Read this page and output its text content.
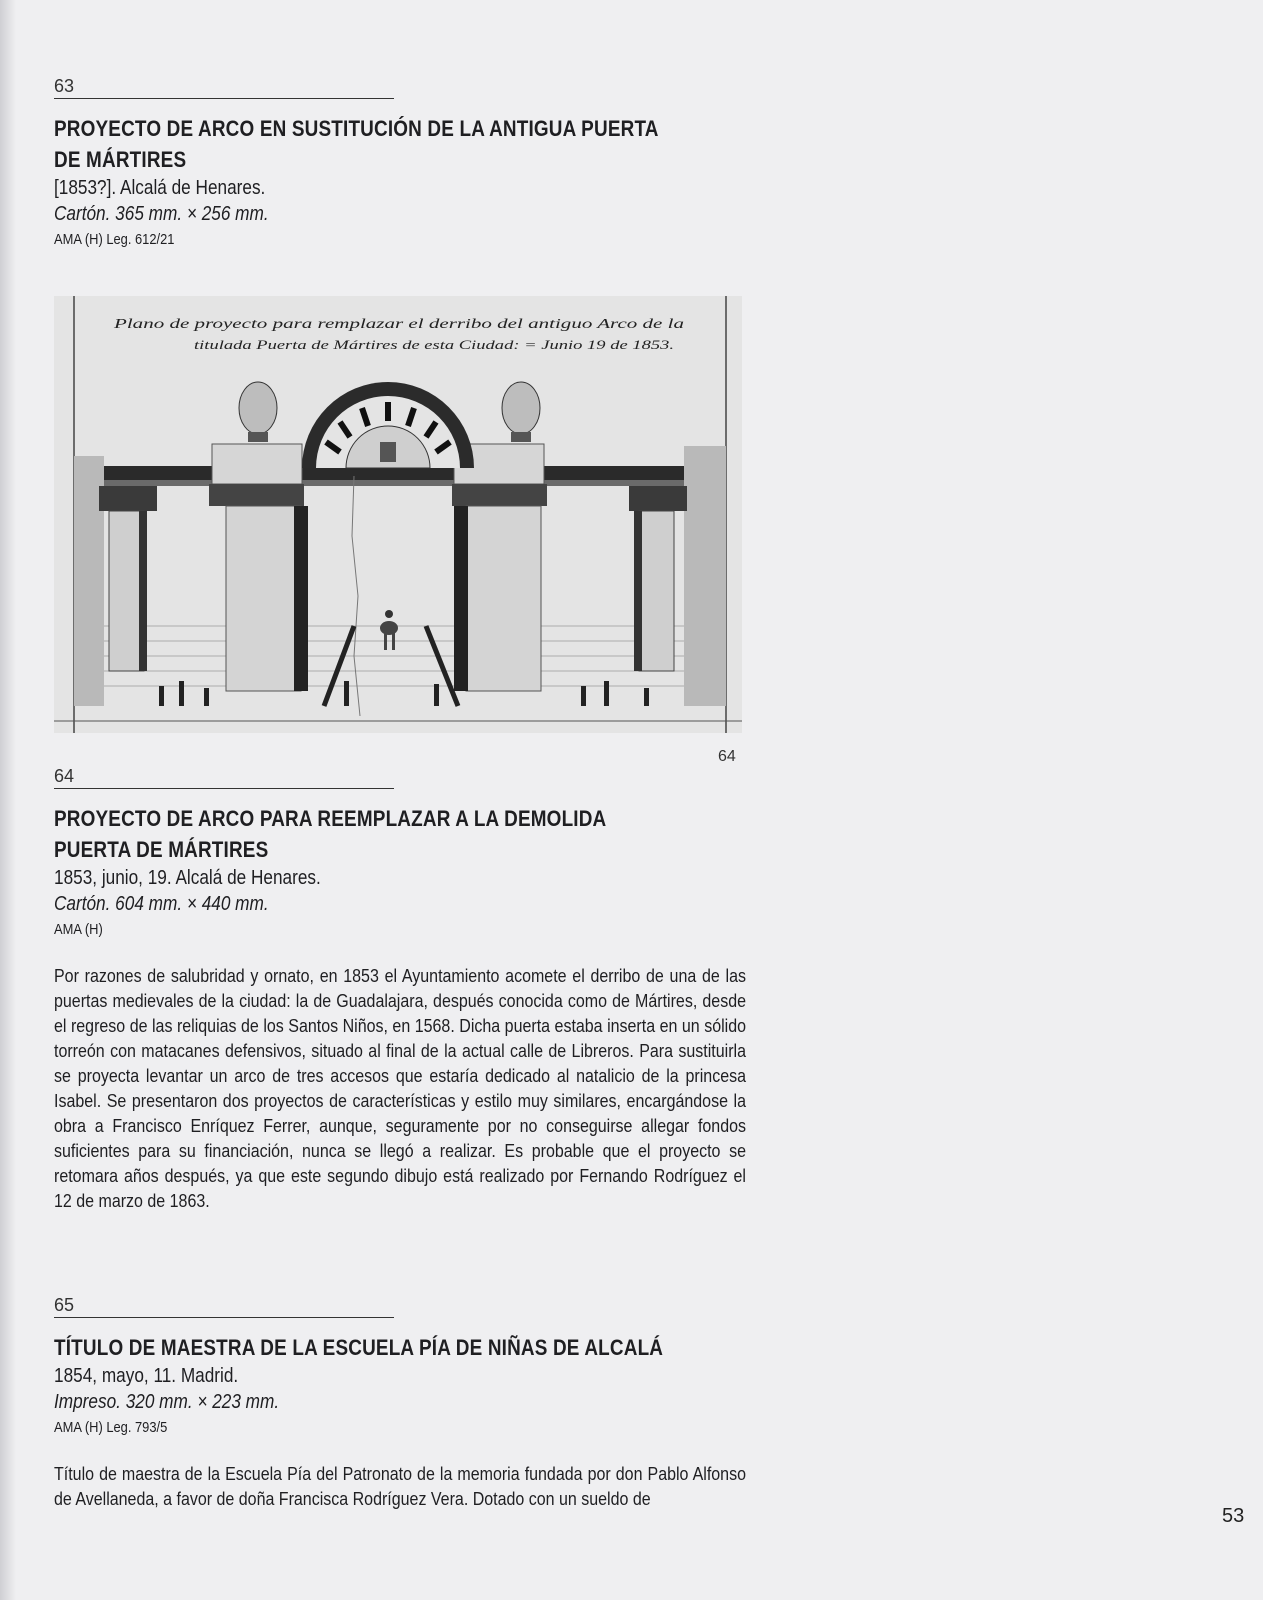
63
PROYECTO DE ARCO EN SUSTITUCIÓN DE LA ANTIGUA PUERTA
DE MÁRTIRES
[1853?]. Alcalá de Henares.
Cartón. 365 mm. × 256 mm.
AMA (H) Leg. 612/21
Plano de proyecto para remplazar el derribo del antiguo Arco de la
titulada Puerta de Mártires de esta Ciudad: = Junio 19 de 1853.
64
64
PROYECTO DE ARCO PARA REEMPLAZAR A LA DEMOLIDA
PUERTA DE MÁRTIRES
1853, junio, 19. Alcalá de Henares.
Cartón. 604 mm. × 440 mm.
AMA (H)
Por razones de salubridad y ornato, en 1853 el Ayuntamiento acomete el derribo de una de las puertas medievales de la ciudad: la de Guadalajara, después conocida como de Mártires, desde el regreso de las reliquias de los Santos Niños, en 1568. Dicha puerta estaba inserta en un sólido torreón con matacanes defensivos, situado al final de la actual calle de Libreros. Para sustituirla se proyecta levantar un arco de tres accesos que estaría dedicado al natalicio de la princesa Isabel. Se presentaron dos proyectos de características y estilo muy similares, encargándose la obra a Francisco Enríquez Ferrer, aunque, seguramente por no conseguirse allegar fondos suficientes para su financiación, nunca se llegó a realizar. Es probable que el proyecto se retomara años después, ya que este segundo dibujo está realizado por Fernando Rodríguez el 12 de marzo de 1863.
65
TÍTULO DE MAESTRA DE LA ESCUELA PÍA DE NIÑAS DE ALCALÁ
1854, mayo, 11. Madrid.
Impreso. 320 mm. × 223 mm.
AMA (H) Leg. 793/5
Título de maestra de la Escuela Pía del Patronato de la memoria fundada por don Pablo Alfonso de Avellaneda, a favor de doña Francisca Rodríguez Vera. Dotado con un sueldo de
53
